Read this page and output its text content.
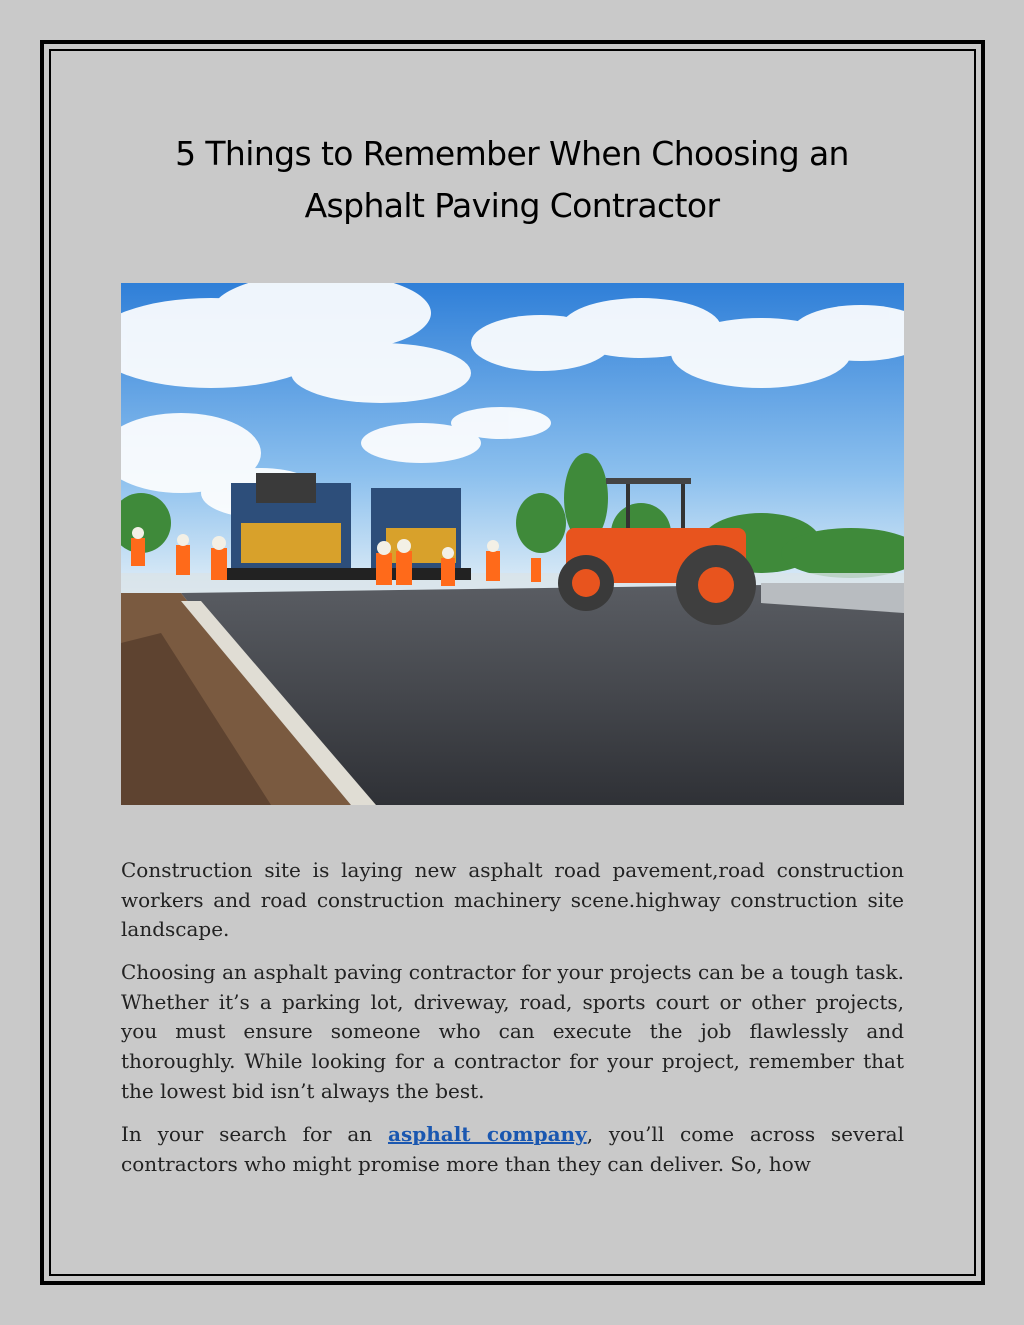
5 Things to Remember When Choosing an
Asphalt Paving Contractor

Construction site is laying new asphalt road pavement,road construction workers and road construction machinery scene.highway construction site landscape.

Choosing an asphalt paving contractor for your projects can be a tough task. Whether it’s a parking lot, driveway, road, sports court or other projects, you must ensure someone who can execute the job flawlessly and thoroughly. While looking for a contractor for your project, remember that the lowest bid isn’t always the best.

In your search for an asphalt company, you’ll come across several contractors who might promise more than they can deliver. So, how
